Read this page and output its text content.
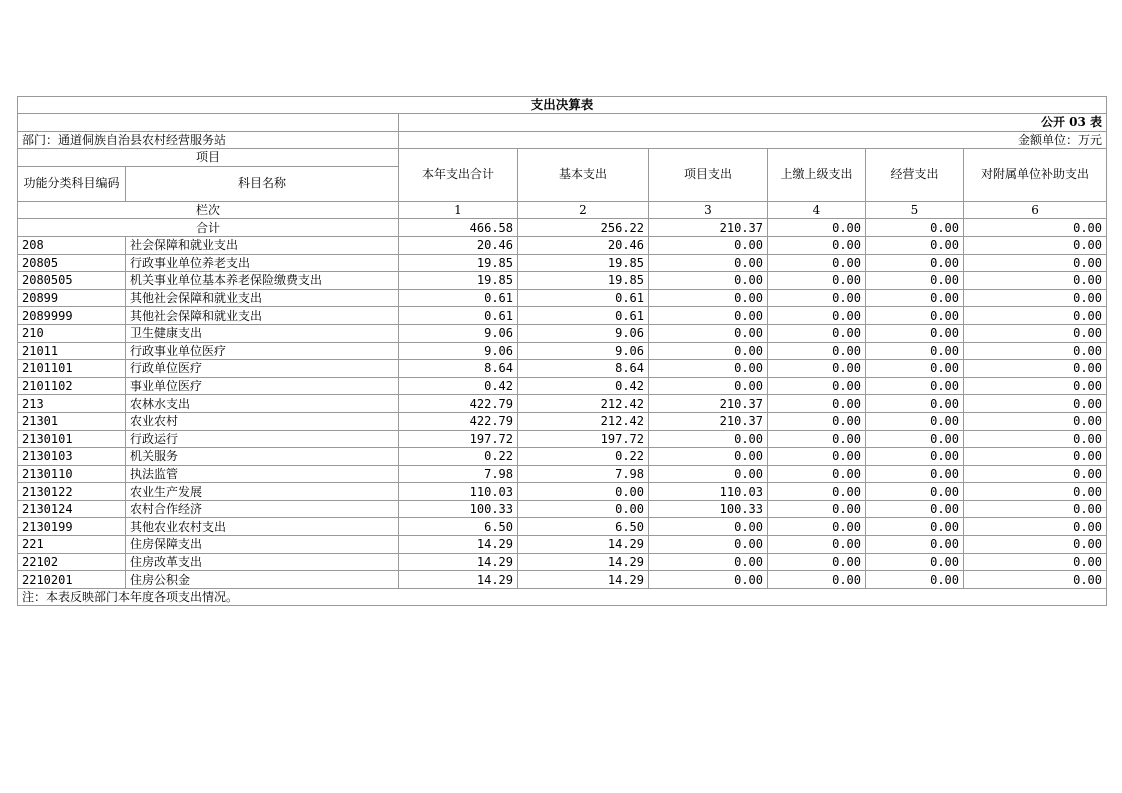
支出决算表							
		公开 03 表					
部门：通道侗族自治县农村经营服务站		金额单位：万元					
项目		本年支出合计	基本支出	项目支出	上缴上级支出	经营支出	对附属单位补助支出
功能分类科目编码	科目名称						
栏次		1	2	3	4	5	6
合计		466.58	256.22	210.37	0.00	0.00	0.00
208	社会保障和就业支出	20.46	20.46	0.00	0.00	0.00	0.00
20805	行政事业单位养老支出	19.85	19.85	0.00	0.00	0.00	0.00
2080505	机关事业单位基本养老保险缴费支出	19.85	19.85	0.00	0.00	0.00	0.00
20899	其他社会保障和就业支出	0.61	0.61	0.00	0.00	0.00	0.00
2089999	其他社会保障和就业支出	0.61	0.61	0.00	0.00	0.00	0.00
210	卫生健康支出	9.06	9.06	0.00	0.00	0.00	0.00
21011	行政事业单位医疗	9.06	9.06	0.00	0.00	0.00	0.00
2101101	行政单位医疗	8.64	8.64	0.00	0.00	0.00	0.00
2101102	事业单位医疗	0.42	0.42	0.00	0.00	0.00	0.00
213	农林水支出	422.79	212.42	210.37	0.00	0.00	0.00
21301	农业农村	422.79	212.42	210.37	0.00	0.00	0.00
2130101	行政运行	197.72	197.72	0.00	0.00	0.00	0.00
2130103	机关服务	0.22	0.22	0.00	0.00	0.00	0.00
2130110	执法监管	7.98	7.98	0.00	0.00	0.00	0.00
2130122	农业生产发展	110.03	0.00	110.03	0.00	0.00	0.00
2130124	农村合作经济	100.33	0.00	100.33	0.00	0.00	0.00
2130199	其他农业农村支出	6.50	6.50	0.00	0.00	0.00	0.00
221	住房保障支出	14.29	14.29	0.00	0.00	0.00	0.00
22102	住房改革支出	14.29	14.29	0.00	0.00	0.00	0.00
2210201	住房公积金	14.29	14.29	0.00	0.00	0.00	0.00
注：本表反映部门本年度各项支出情况。							
